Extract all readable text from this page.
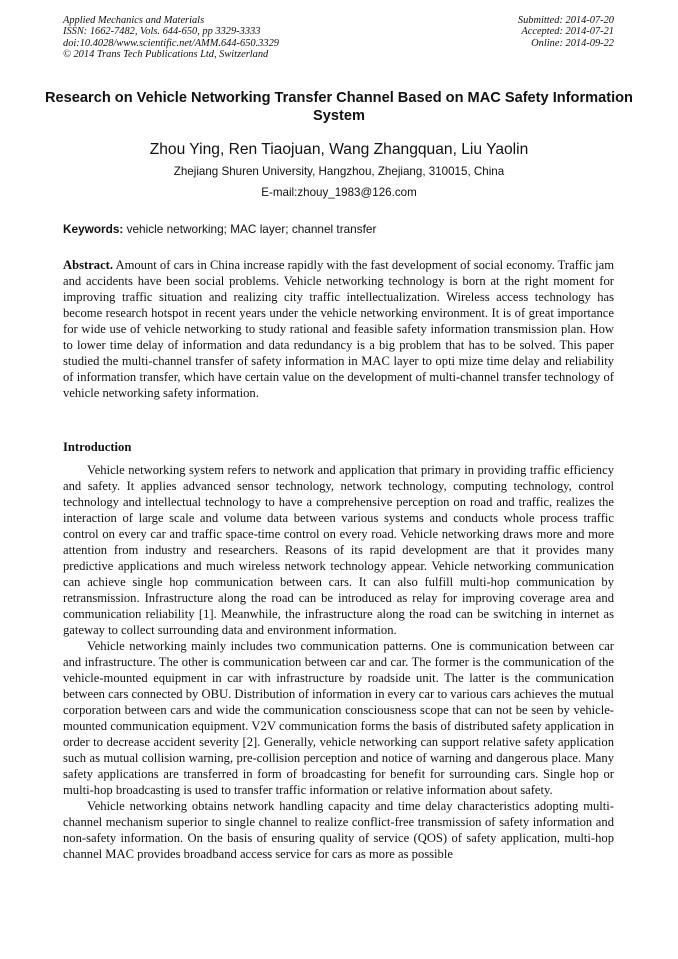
Applied Mechanics and Materials
ISSN: 1662-7482, Vols. 644-650, pp 3329-3333
doi:10.4028/www.scientific.net/AMM.644-650.3329
© 2014 Trans Tech Publications Ltd, Switzerland
Submitted: 2014-07-20
Accepted: 2014-07-21
Online: 2014-09-22
Research on Vehicle Networking Transfer Channel Based on MAC Safety Information System
Zhou Ying, Ren Tiaojuan, Wang Zhangquan, Liu Yaolin
Zhejiang Shuren University, Hangzhou, Zhejiang, 310015, China
E-mail:zhouy_1983@126.com
Keywords: vehicle networking; MAC layer; channel transfer
Abstract. Amount of cars in China increase rapidly with the fast development of social economy. Traffic jam and accidents have been social problems. Vehicle networking technology is born at the right moment for improving traffic situation and realizing city traffic intellectualization. Wireless access technology has become research hotspot in recent years under the vehicle networking environment. It is of great importance for wide use of vehicle networking to study rational and feasible safety information transmission plan. How to lower time delay of information and data redundancy is a big problem that has to be solved. This paper studied the multi-channel transfer of safety information in MAC layer to opti mize time delay and reliability of information transfer, which have certain value on the development of multi-channel transfer technology of vehicle networking safety information.
Introduction

Vehicle networking system refers to network and application that primary in providing traffic efficiency and safety. It applies advanced sensor technology, network technology, computing technology, control technology and intellectual technology to have a comprehensive perception on road and traffic, realizes the interaction of large scale and volume data between various systems and conducts whole process traffic control on every car and traffic space-time control on every road. Vehicle networking draws more and more attention from industry and researchers. Reasons of its rapid development are that it provides many predictive applications and much wireless network technology appear. Vehicle networking communication can achieve single hop communication between cars. It can also fulfill multi-hop communication by retransmission. Infrastructure along the road can be introduced as relay for improving coverage area and communication reliability [1]. Meanwhile, the infrastructure along the road can be switching in internet as gateway to collect surrounding data and environment information.

Vehicle networking mainly includes two communication patterns. One is communication between car and infrastructure. The other is communication between car and car. The former is the communication of the vehicle-mounted equipment in car with infrastructure by roadside unit. The latter is the communication between cars connected by OBU. Distribution of information in every car to various cars achieves the mutual corporation between cars and wide the communication consciousness scope that can not be seen by vehicle-mounted communication equipment. V2V communication forms the basis of distributed safety application in order to decrease accident severity [2]. Generally, vehicle networking can support relative safety application such as mutual collision warning, pre-collision perception and notice of warning and dangerous place. Many safety applications are transferred in form of broadcasting for benefit for surrounding cars. Single hop or multi-hop broadcasting is used to transfer traffic information or relative information about safety.

Vehicle networking obtains network handling capacity and time delay characteristics adopting multi-channel mechanism superior to single channel to realize conflict-free transmission of safety information and non-safety information. On the basis of ensuring quality of service (QOS) of safety application, multi-hop channel MAC provides broadband access service for cars as more as possible
